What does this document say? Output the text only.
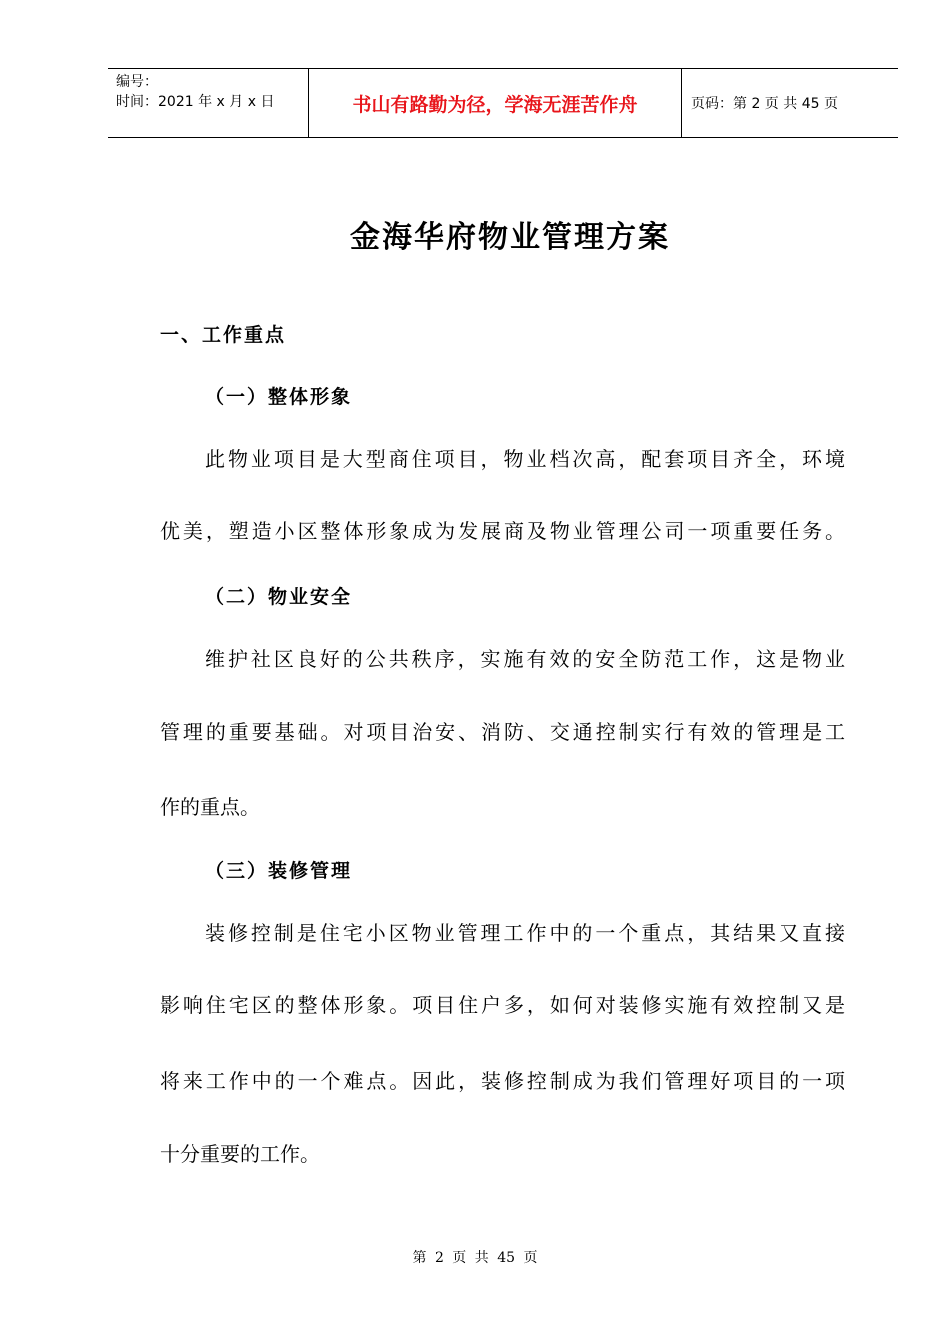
编号：
时间：2021 年 x 月 x 日	书山有路勤为径，学海无涯苦作舟	页码：第 2 页 共 45 页
金海华府物业管理方案
一、工作重点
（一）整体形象

此物业项目是大型商住项目，物业档次高，配套项目齐全，环境

优美，塑造小区整体形象成为发展商及物业管理公司一项重要任务。

（二）物业安全

维护社区良好的公共秩序，实施有效的安全防范工作，这是物业

管理的重要基础。对项目治安、消防、交通控制实行有效的管理是工

作的重点。

（三）装修管理

装修控制是住宅小区物业管理工作中的一个重点，其结果又直接

影响住宅区的整体形象。项目住户多，如何对装修实施有效控制又是

将来工作中的一个难点。因此，装修控制成为我们管理好项目的一项

十分重要的工作。

第 2 页 共 45 页
